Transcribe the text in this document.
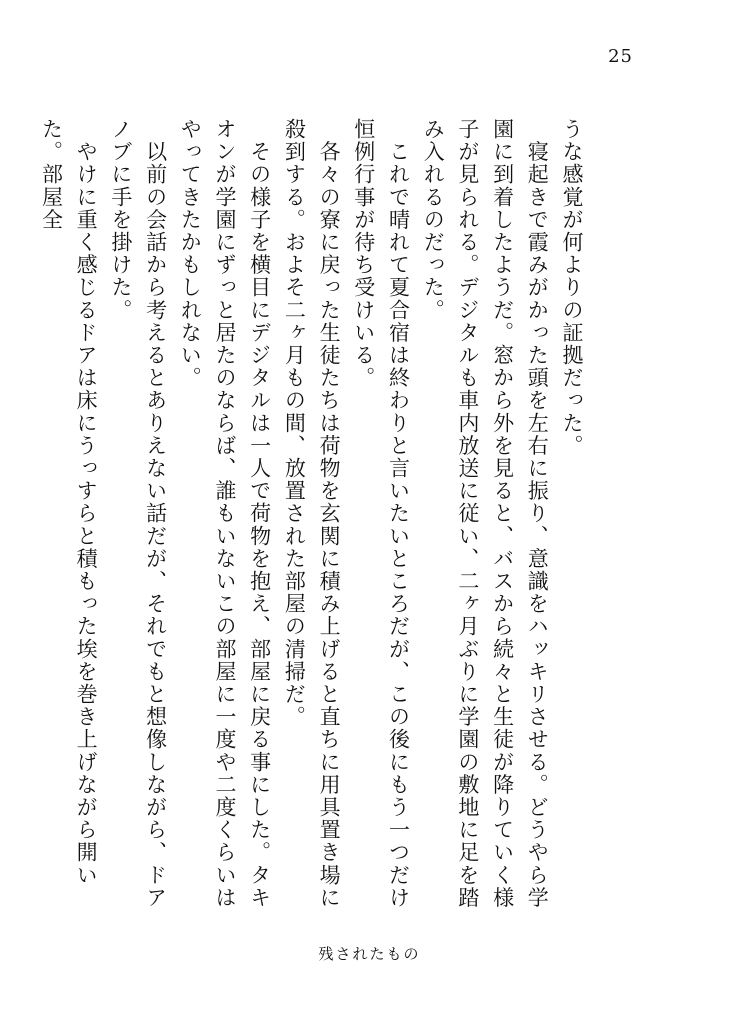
25

うな感覚が何よりの証拠だった。

　寝起きで霞みがかった頭を左右に振り、意識をハッキリさせる。どうやら学園に到着したようだ。窓から外を見ると、バスから続々と生徒が降りていく様子が見られる。デジタルも車内放送に従い、二ヶ月ぶりに学園の敷地に足を踏み入れるのだった。

　これで晴れて夏合宿は終わりと言いたいところだが、この後にもう一つだけ恒例行事が待ち受けいる。

　各々の寮に戻った生徒たちは荷物を玄関に積み上げると直ちに用具置き場に殺到する。およそ二ヶ月もの間、放置された部屋の清掃だ。

　その様子を横目にデジタルは一人で荷物を抱え、部屋に戻る事にした。タキオンが学園にずっと居たのならば、誰もいないこの部屋に一度や二度くらいはやってきたかもしれない。

　以前の会話から考えるとありえない話だが、それでもと想像しながら、ドアノブに手を掛けた。

　やけに重く感じるドアは床にうっすらと積もった埃を巻き上げながら開いた。部屋全

残されたもの
